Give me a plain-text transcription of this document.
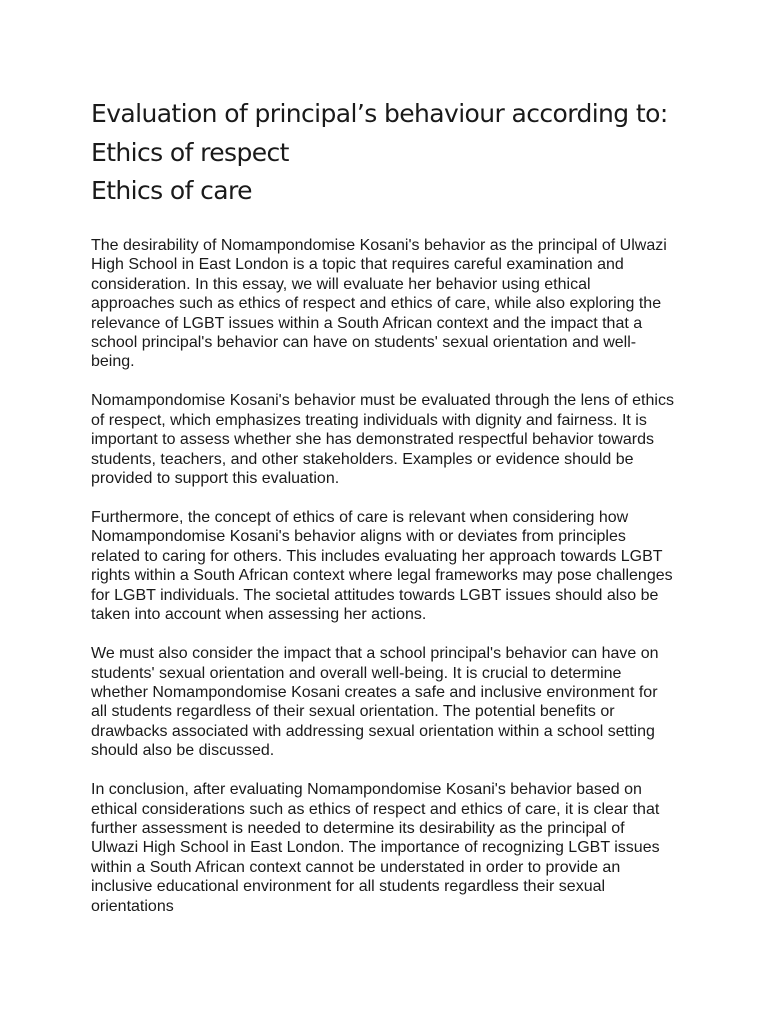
Evaluation of principal’s behaviour according to:
Ethics of respect
Ethics of care

The desirability of Nomampondomise Kosani's behavior as the principal of Ulwazi High School in East London is a topic that requires careful examination and consideration. In this essay, we will evaluate her behavior using ethical approaches such as ethics of respect and ethics of care, while also exploring the relevance of LGBT issues within a South African context and the impact that a school principal's behavior can have on students' sexual orientation and well-being.

Nomampondomise Kosani's behavior must be evaluated through the lens of ethics of respect, which emphasizes treating individuals with dignity and fairness. It is important to assess whether she has demonstrated respectful behavior towards students, teachers, and other stakeholders. Examples or evidence should be provided to support this evaluation.

Furthermore, the concept of ethics of care is relevant when considering how Nomampondomise Kosani's behavior aligns with or deviates from principles related to caring for others. This includes evaluating her approach towards LGBT rights within a South African context where legal frameworks may pose challenges for LGBT individuals. The societal attitudes towards LGBT issues should also be taken into account when assessing her actions.

We must also consider the impact that a school principal's behavior can have on students' sexual orientation and overall well-being. It is crucial to determine whether Nomampondomise Kosani creates a safe and inclusive environment for all students regardless of their sexual orientation. The potential benefits or drawbacks associated with addressing sexual orientation within a school setting should also be discussed.

In conclusion, after evaluating Nomampondomise Kosani's behavior based on ethical considerations such as ethics of respect and ethics of care, it is clear that further assessment is needed to determine its desirability as the principal of Ulwazi High School in East London. The importance of recognizing LGBT issues within a South African context cannot be understated in order to provide an inclusive educational environment for all students regardless their sexual orientations
